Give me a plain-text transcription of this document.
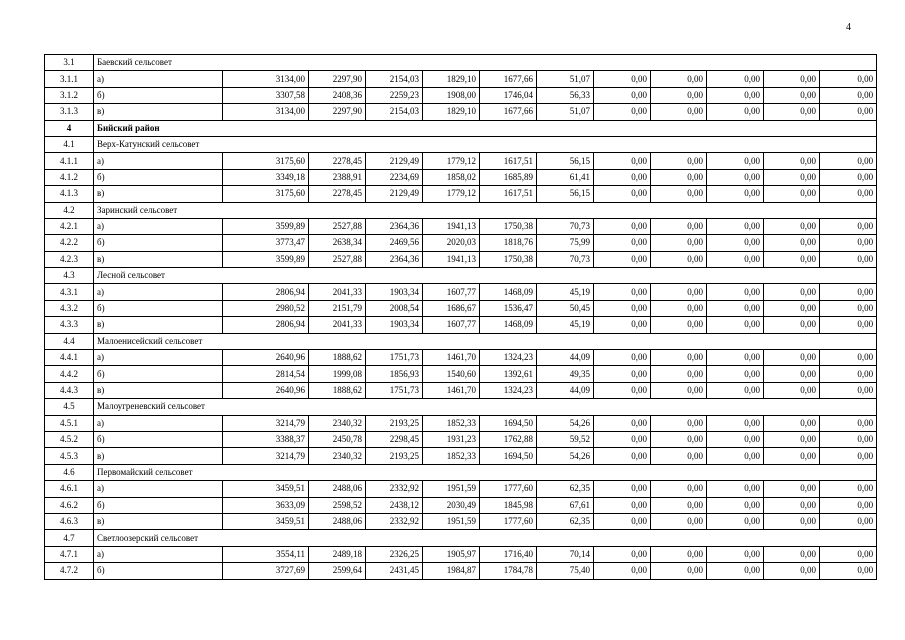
4
3.1	Баевский сельсовет											
3.1.1	а)	3134,00	2297,90	2154,03	1829,10	1677,66	51,07	0,00	0,00	0,00	0,00	0,00
3.1.2	б)	3307,58	2408,36	2259,23	1908,00	1746,04	56,33	0,00	0,00	0,00	0,00	0,00
3.1.3	в)	3134,00	2297,90	2154,03	1829,10	1677,66	51,07	0,00	0,00	0,00	0,00	0,00
4	Бийский район											
4.1	Верх-Катунский сельсовет											
4.1.1	а)	3175,60	2278,45	2129,49	1779,12	1617,51	56,15	0,00	0,00	0,00	0,00	0,00
4.1.2	б)	3349,18	2388,91	2234,69	1858,02	1685,89	61,41	0,00	0,00	0,00	0,00	0,00
4.1.3	в)	3175,60	2278,45	2129,49	1779,12	1617,51	56,15	0,00	0,00	0,00	0,00	0,00
4.2	Заринский сельсовет											
4.2.1	а)	3599,89	2527,88	2364,36	1941,13	1750,38	70,73	0,00	0,00	0,00	0,00	0,00
4.2.2	б)	3773,47	2638,34	2469,56	2020,03	1818,76	75,99	0,00	0,00	0,00	0,00	0,00
4.2.3	в)	3599,89	2527,88	2364,36	1941,13	1750,38	70,73	0,00	0,00	0,00	0,00	0,00
4.3	Лесной сельсовет											
4.3.1	а)	2806,94	2041,33	1903,34	1607,77	1468,09	45,19	0,00	0,00	0,00	0,00	0,00
4.3.2	б)	2980,52	2151,79	2008,54	1686,67	1536,47	50,45	0,00	0,00	0,00	0,00	0,00
4.3.3	в)	2806,94	2041,33	1903,34	1607,77	1468,09	45,19	0,00	0,00	0,00	0,00	0,00
4.4	Малоенисейский сельсовет											
4.4.1	а)	2640,96	1888,62	1751,73	1461,70	1324,23	44,09	0,00	0,00	0,00	0,00	0,00
4.4.2	б)	2814,54	1999,08	1856,93	1540,60	1392,61	49,35	0,00	0,00	0,00	0,00	0,00
4.4.3	в)	2640,96	1888,62	1751,73	1461,70	1324,23	44,09	0,00	0,00	0,00	0,00	0,00
4.5	Малоугреневский сельсовет											
4.5.1	а)	3214,79	2340,32	2193,25	1852,33	1694,50	54,26	0,00	0,00	0,00	0,00	0,00
4.5.2	б)	3388,37	2450,78	2298,45	1931,23	1762,88	59,52	0,00	0,00	0,00	0,00	0,00
4.5.3	в)	3214,79	2340,32	2193,25	1852,33	1694,50	54,26	0,00	0,00	0,00	0,00	0,00
4.6	Первомайский сельсовет											
4.6.1	а)	3459,51	2488,06	2332,92	1951,59	1777,60	62,35	0,00	0,00	0,00	0,00	0,00
4.6.2	б)	3633,09	2598,52	2438,12	2030,49	1845,98	67,61	0,00	0,00	0,00	0,00	0,00
4.6.3	в)	3459,51	2488,06	2332,92	1951,59	1777,60	62,35	0,00	0,00	0,00	0,00	0,00
4.7	Светлоозерский сельсовет											
4.7.1	а)	3554,11	2489,18	2326,25	1905,97	1716,40	70,14	0,00	0,00	0,00	0,00	0,00
4.7.2	б)	3727,69	2599,64	2431,45	1984,87	1784,78	75,40	0,00	0,00	0,00	0,00	0,00
